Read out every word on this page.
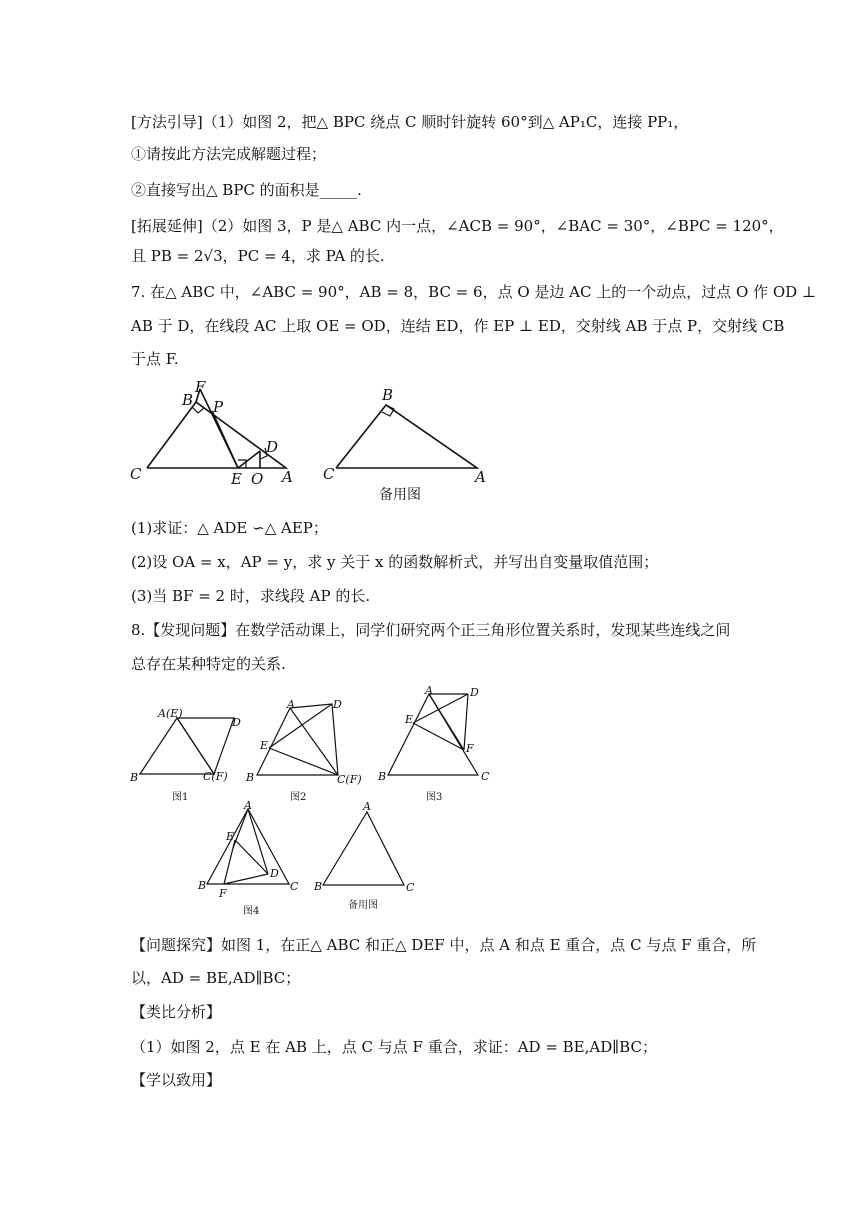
[方法引导]（1）如图 2，把△ BPC 绕点 C 顺时针旋转 60°到△ AP₁C，连接 PP₁，
①请按此方法完成解题过程；
②直接写出△ BPC 的面积是_____.
[拓展延伸]（2）如图 3，P 是△ ABC 内一点，∠ACB = 90°，∠BAC = 30°，∠BPC = 120°，
且 PB = 2√3，PC = 4，求 PA 的长.
7. 在△ ABC 中，∠ABC = 90°，AB = 8，BC = 6，点 O 是边 AC 上的一个动点，过点 O 作 OD ⊥
AB 于 D，在线段 AC 上取 OE = OD，连结 ED，作 EP ⊥ ED，交射线 AB 于点 P，交射线 CB
于点 F.
F
B P
D
C	E O A
B
C	A
备用图
(1)求证：△ ADE ∽△ AEP；
(2)设 OA = x，AP = y，求 y 关于 x 的函数解析式，并写出自变量取值范围；
(3)当 BF = 2 时，求线段 AP 的长.
8.【发现问题】在数学活动课上，同学们研究两个正三角形位置关系时，发现某些连线之间
总存在某种特定的关系.
A(E)
D
B	C(F)
A	D
E
B	C(F)
A	D
E
F
B	C
A
E
D
B
F
C
A
B	C
图1	图2	图3
图4
备用图
【问题探究】如图 1，在正△ ABC 和正△ DEF 中，点 A 和点 E 重合，点 C 与点 F 重合，所
以，AD = BE,AD∥BC；
【类比分析】
（1）如图 2，点 E 在 AB 上，点 C 与点 F 重合，求证：AD = BE,AD∥BC；
【学以致用】
